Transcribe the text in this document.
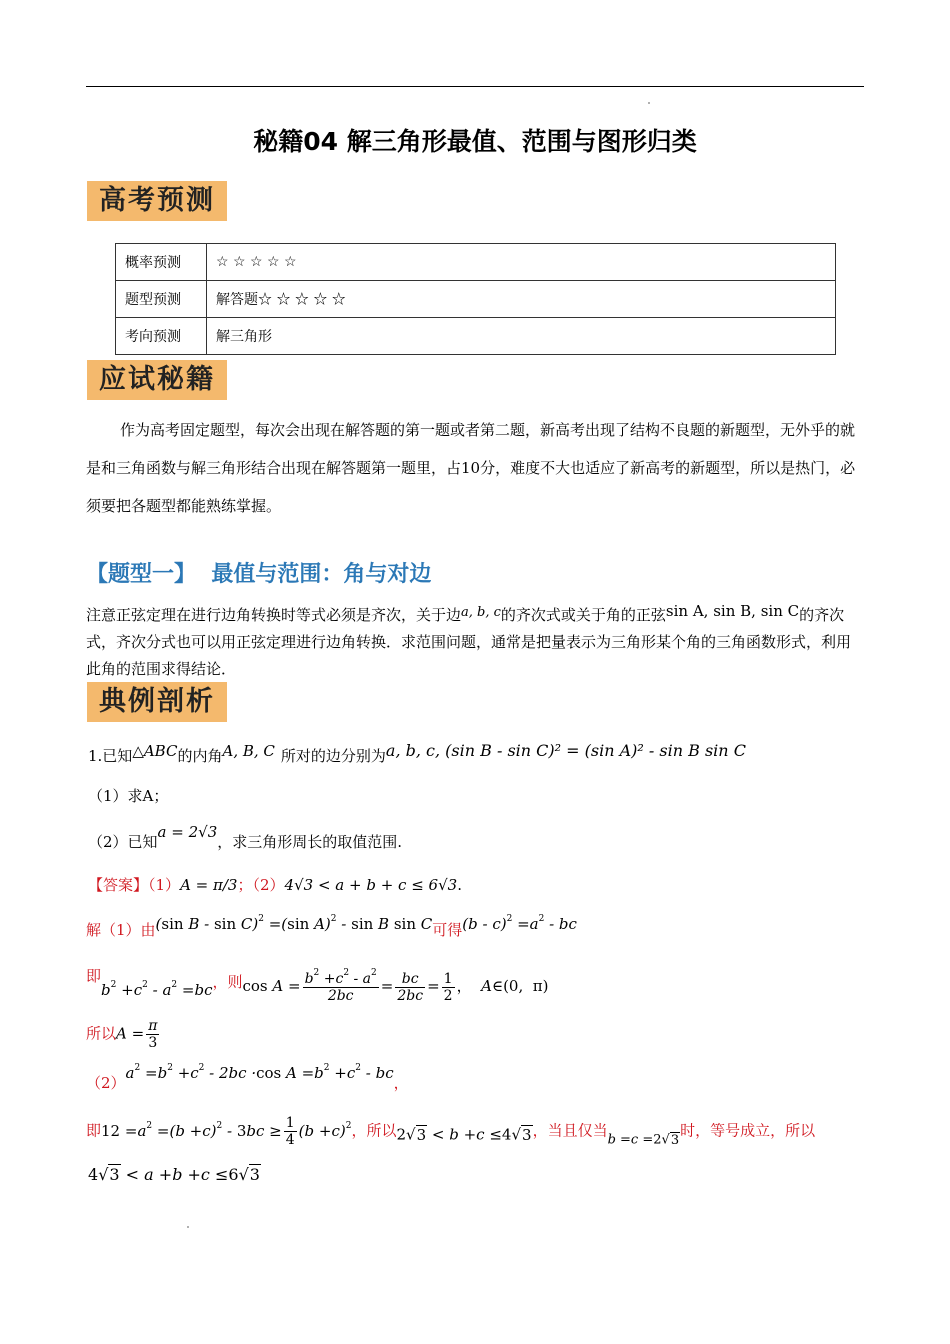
秘籍04 解三角形最值、范围与图形归类
高考预测
概率预测	☆ ☆ ☆ ☆ ☆
题型预测	解答题☆ ☆ ☆ ☆ ☆
考向预测	解三角形
应试秘籍
作为高考固定题型，每次会出现在解答题的第一题或者第二题，新高考出现了结构不良题的新题型，无外乎的就是和三角函数与解三角形结合出现在解答题第一题里，占10分，难度不大也适应了新高考的新题型，所以是热门，必须要把各题型都能熟练掌握。
【题型一】 最值与范围：角与对边
注意正弦定理在进行边角转换时等式必须是齐次，关于边a, b, c的齐次式或关于角的正弦sin A, sin B, sin C的齐次式，齐次分式也可以用正弦定理进行边角转换．求范围问题，通常是把量表示为三角形某个角的三角函数形式，利用此角的范围求得结论．
典例剖析
1.已知△ABC的内角A, B, C 所对的边分别为a, b, c, (sin B - sin C)² = (sin A)² - sin B sin C
（1）求A；
（2）已知a = 2√3，求三角形周长的取值范围.
【答案】（1）A = π/3；（2）4√3 < a + b + c ≤ 6√3.
解（1）由(sin B - sin C)$^2$ =(sin A)$^2$ - sin B sin C可得$(b - c)^2 =a^2$ - bc
即$b^2 +c^2 - a^2 =bc$，则$\cos A = \frac{b^2 +c^2 - a^2}{2bc} = \frac{bc}{2bc} = \frac{1}{2}$ ， A∈(0,  π)
所以$A = \frac{\pi}{3}$
$(2)a^2 =b^2 +c^2 - 2bc \cdot\cos$ $A =b^2 +c^2$ - bc，
即$12 =a^2 =(b +c)^2 - 3bc \ge \frac{1}{4} (b +c)^2$，所以2√3 < b +c ≤4√3，当且仅当b =c =2√3时，等号成立，所以
4√3 < a +b +c ≤6√3
